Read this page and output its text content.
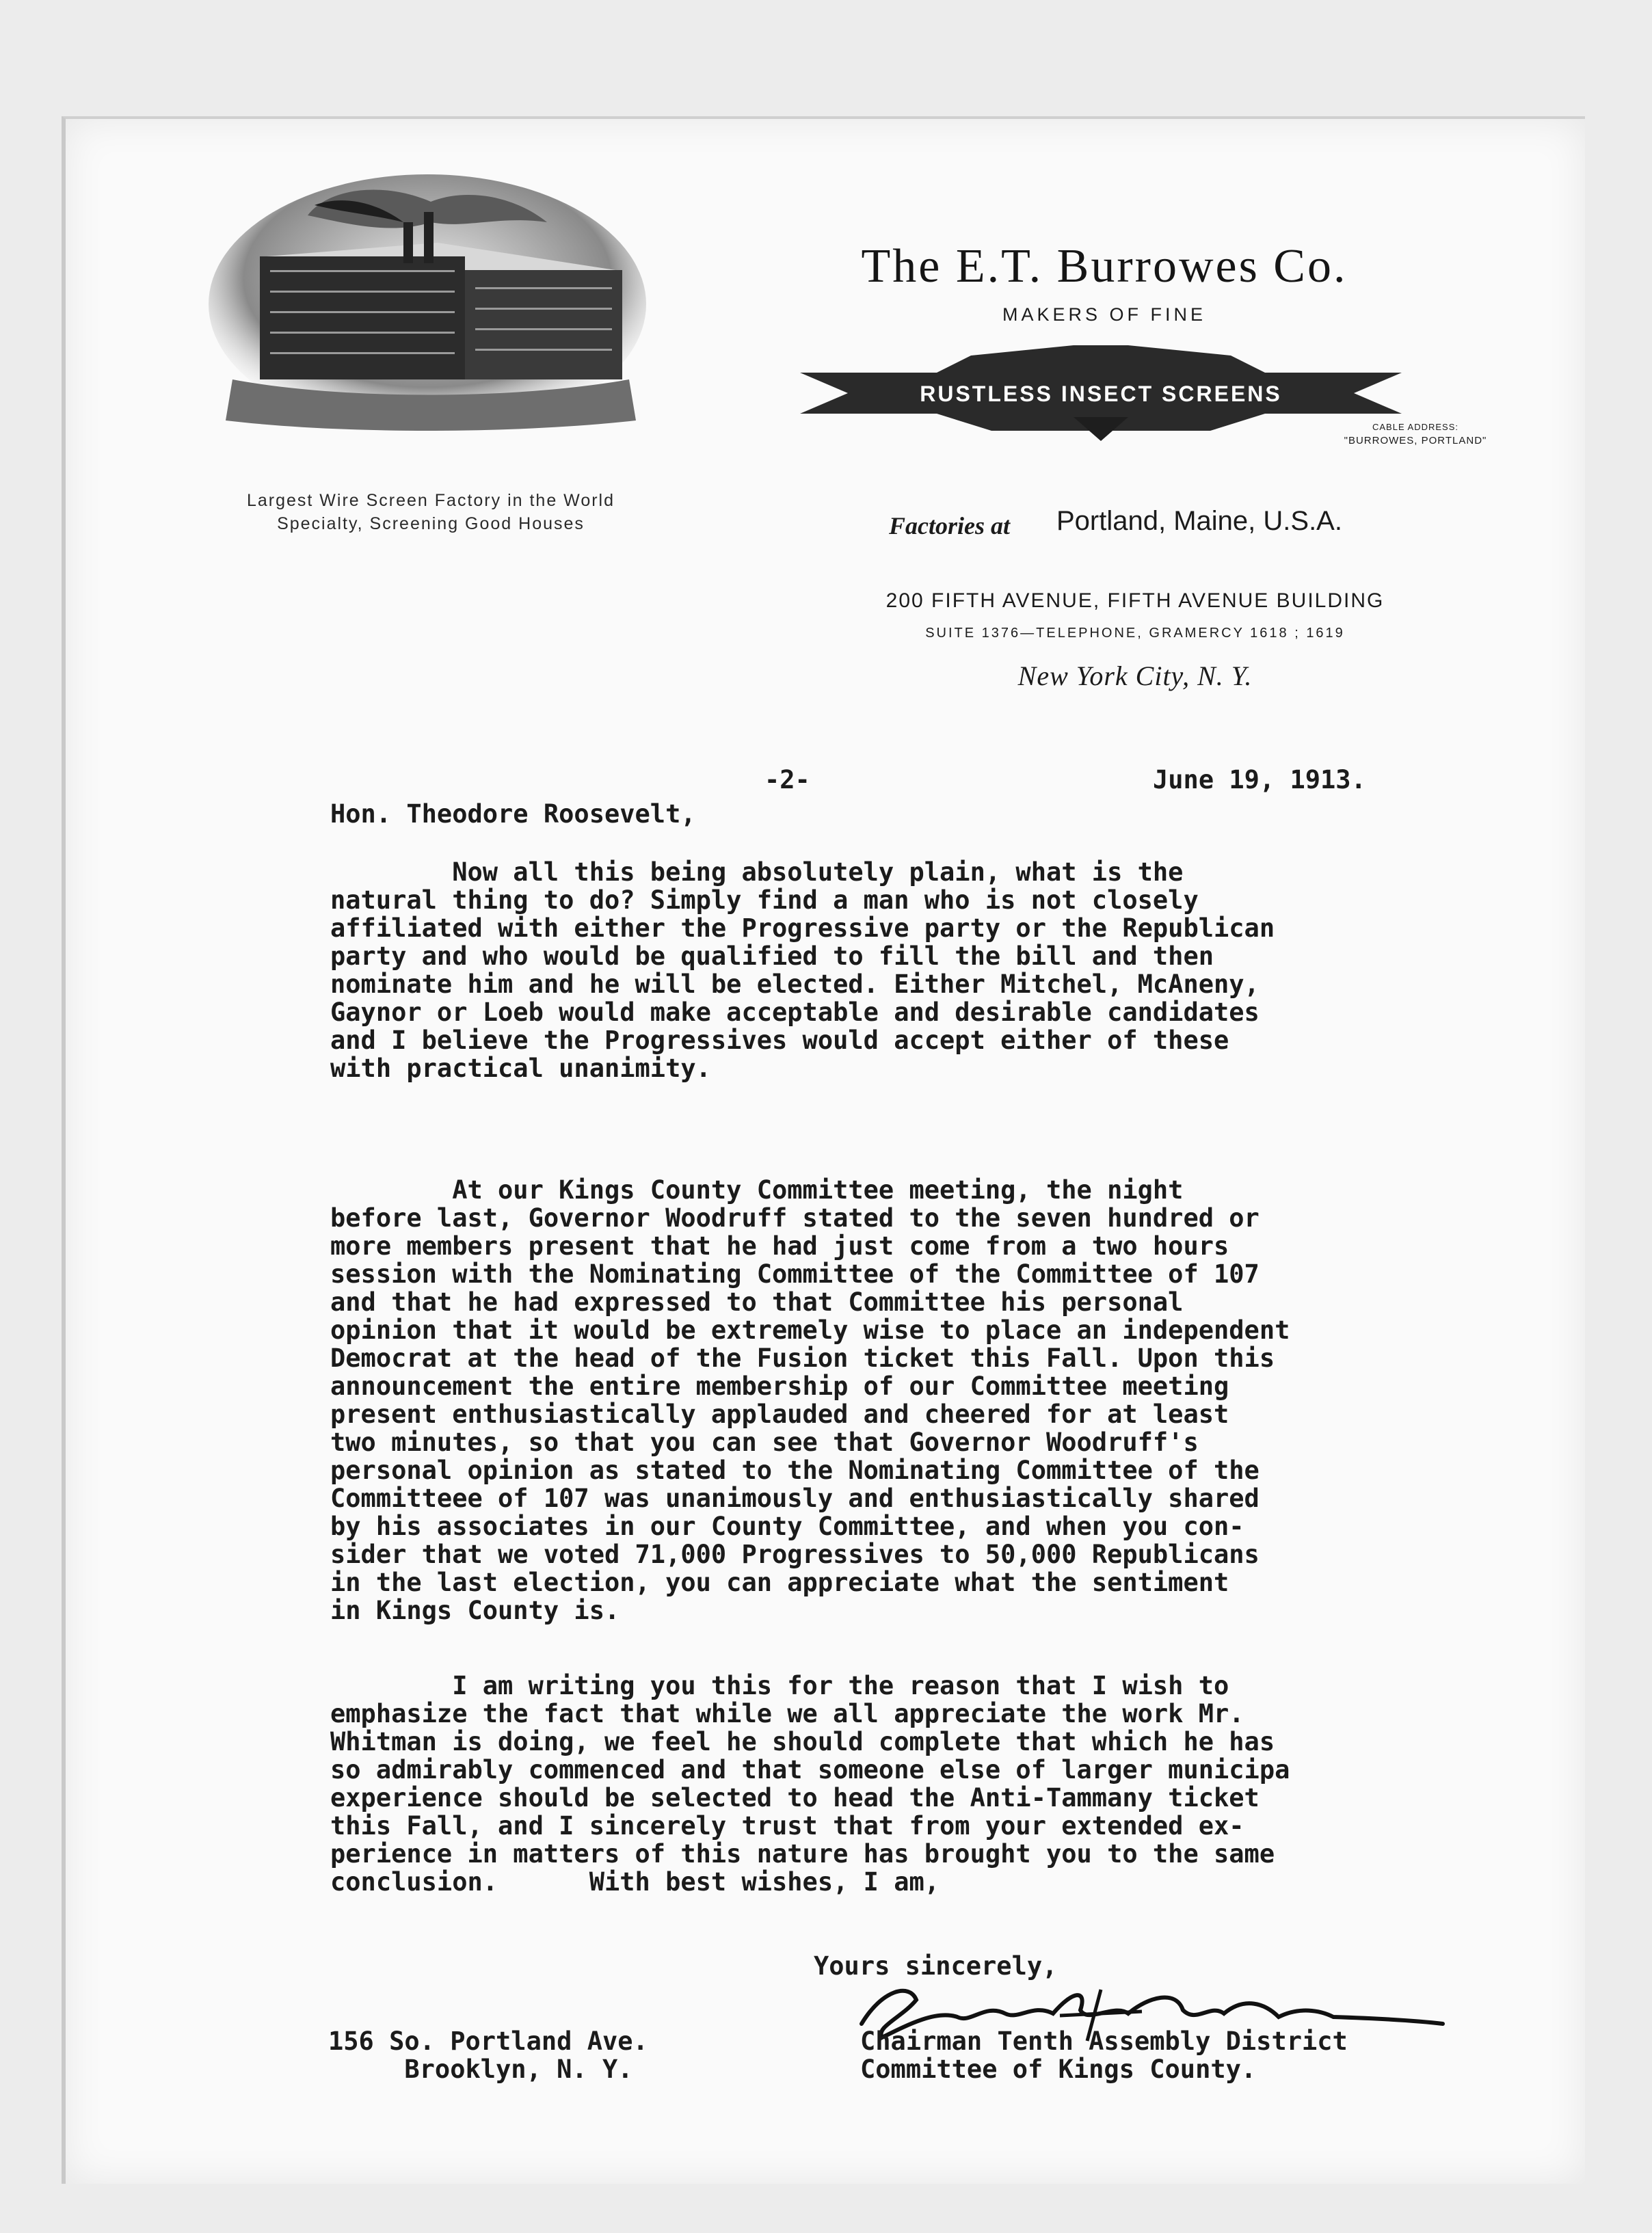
Largest Wire Screen Factory in the World
Specialty, Screening Good Houses
The E.T. Burrowes Co.
MAKERS OF FINE
RUSTLESS INSECT SCREENS
CABLE ADDRESS:
"BURROWES, PORTLAND"
Factories at Portland, Maine, U.S.A.
200 FIFTH AVENUE, FIFTH AVENUE BUILDING
SUITE 1376—TELEPHONE, GRAMERCY 1618 ; 1619
New York City, N. Y.
-2-	June 19, 1913.
Hon. Theodore Roosevelt,
Now all this being absolutely plain, what is the
natural thing to do? Simply find a man who is not closely
affiliated with either the Progressive party or the Republican
party and who would be qualified to fill the bill and then
nominate him and he will be elected. Either Mitchel, McAneny,
Gaynor or Loeb would make acceptable and desirable candidates
and I believe the Progressives would accept either of these
with practical unanimity.
At our Kings County Committee meeting, the night
before last, Governor Woodruff stated to the seven hundred or
more members present that he had just come from a two hours
session with the Nominating Committee of the Committee of 107
and that he had expressed to that Committee his personal
opinion that it would be extremely wise to place an independent
Democrat at the head of the Fusion ticket this Fall. Upon this
announcement the entire membership of our Committee meeting
present enthusiastically applauded and cheered for at least
two minutes, so that you can see that Governor Woodruff's
personal opinion as stated to the Nominating Committee of the
Committeee of 107 was unanimously and enthusiastically shared
by his associates in our County Committee, and when you con-
sider that we voted 71,000 Progressives to 50,000 Republicans
in the last election, you can appreciate what the sentiment
in Kings County is.
I am writing you this for the reason that I wish to
emphasize the fact that while we all appreciate the work Mr.
Whitman is doing, we feel he should complete that which he has
so admirably commenced and that someone else of larger municipa
experience should be selected to head the Anti-Tammany ticket
this Fall, and I sincerely trust that from your extended ex-
perience in matters of this nature has brought you to the same
conclusion.      With best wishes, I am,
Yours sincerely,
156 So. Portland Ave.
Brooklyn, N. Y.
Chairman Tenth Assembly District
Committee of Kings County.
